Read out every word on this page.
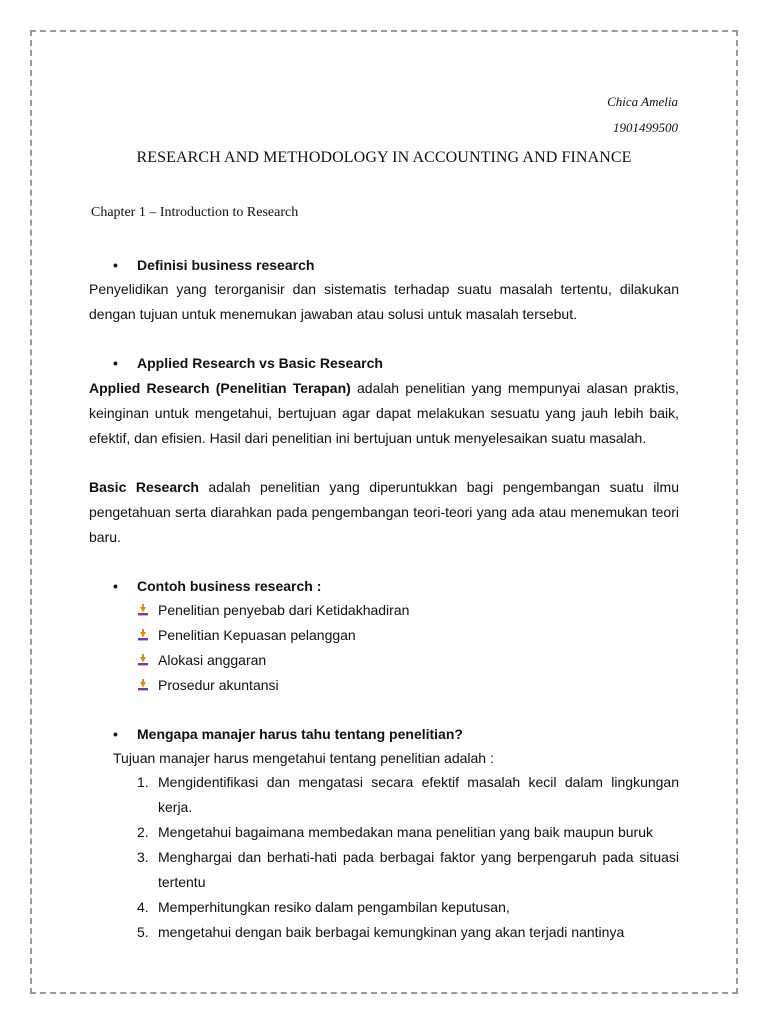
Chica Amelia
1901499500
RESEARCH AND METHODOLOGY IN ACCOUNTING AND FINANCE
Chapter 1 – Introduction to Research
• Definisi business research

Penyelidikan yang terorganisir dan sistematis terhadap suatu masalah tertentu, dilakukan dengan tujuan untuk menemukan jawaban atau solusi untuk masalah tersebut.

• Applied Research vs Basic Research

Applied Research (Penelitian Terapan) adalah penelitian yang mempunyai alasan praktis, keinginan untuk mengetahui, bertujuan agar dapat melakukan sesuatu yang jauh lebih baik, efektif, dan efisien. Hasil dari penelitian ini bertujuan untuk menyelesaikan suatu masalah.

Basic Research adalah penelitian yang diperuntukkan bagi pengembangan suatu ilmu pengetahuan serta diarahkan pada pengembangan teori-teori yang ada atau menemukan teori baru.

• Contoh business research :
Penelitian penyebab dari Ketidakhadiran
Penelitian Kepuasan pelanggan
Alokasi anggaran
Prosedur akuntansi
• Mengapa manajer harus tahu tentang penelitian?

Tujuan manajer harus mengetahui tentang penelitian adalah :

1. Mengidentifikasi dan mengatasi secara efektif masalah kecil dalam lingkungan kerja.
2. Mengetahui bagaimana membedakan mana penelitian yang baik maupun buruk
3. Menghargai dan berhati-hati pada berbagai faktor yang berpengaruh pada situasi tertentu
4. Memperhitungkan resiko dalam pengambilan keputusan,
5. mengetahui dengan baik berbagai kemungkinan yang akan terjadi nantinya
